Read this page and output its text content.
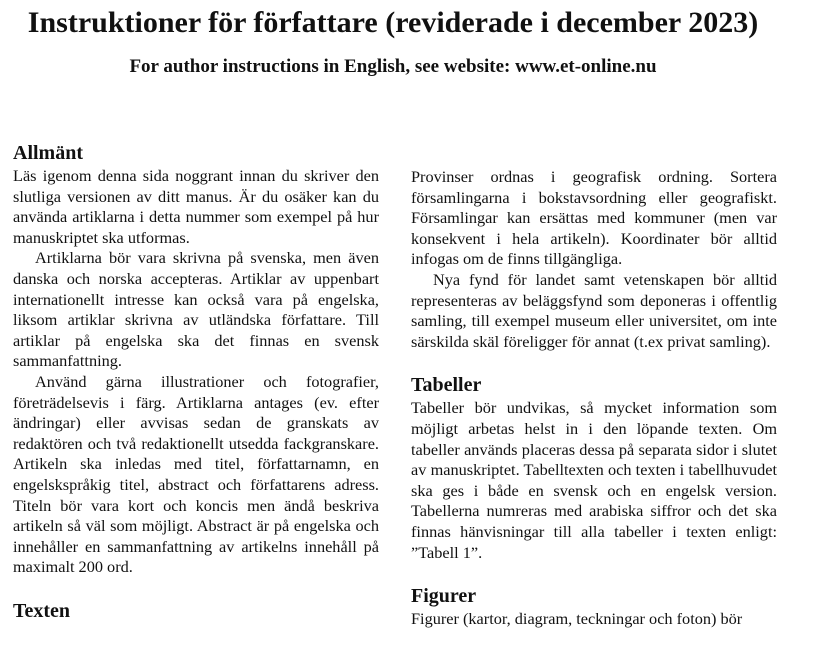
Instruktioner för författare (reviderade i december 2023)
For author instructions in English, see website: www.et-online.nu
Allmänt

Läs igenom denna sida noggrant innan du skriver den slutliga versionen av ditt manus. Är du osäker kan du använda artiklarna i detta nummer som exempel på hur manuskriptet ska utformas.

Artiklarna bör vara skrivna på svenska, men även danska och norska accepteras. Artiklar av uppenbart internationellt intresse kan också vara på engelska, liksom artiklar skrivna av utländska författare. Till artiklar på engelska ska det finnas en svensk sammanfattning.

Använd gärna illustrationer och fotografier, företrädelsevis i färg. Artiklarna antages (ev. efter ändringar) eller avvisas sedan de granskats av redaktören och två redaktionellt utsedda fackgranskare. Artikeln ska inledas med titel, författarnamn, en engelskspråkig titel, abstract och författarens adress. Titeln bör vara kort och koncis men ändå beskriva artikeln så väl som möjligt. Abstract är på engelska och innehåller en sammanfattning av artikelns innehåll på maximalt 200 ord.

Texten

Provinser ordnas i geografisk ordning. Sortera församlingarna i bokstavsordning eller geografiskt. Församlingar kan ersättas med kommuner (men var konsekvent i hela artikeln). Koordinater bör alltid infogas om de finns tillgängliga.

Nya fynd för landet samt vetenskapen bör alltid representeras av beläggsfynd som deponeras i offentlig samling, till exempel museum eller universitet, om inte särskilda skäl föreligger för annat (t.ex privat samling).

Tabeller

Tabeller bör undvikas, så mycket information som möjligt arbetas helst in i den löpande texten. Om tabeller används placeras dessa på separata sidor i slutet av manuskriptet. Tabelltexten och texten i tabellhuvudet ska ges i både en svensk och en engelsk version. Tabellerna numreras med arabiska siffror och det ska finnas hänvisningar till alla tabeller i texten enligt: ”Tabell 1”.

Figurer

Figurer (kartor, diagram, teckningar och foton) bör
